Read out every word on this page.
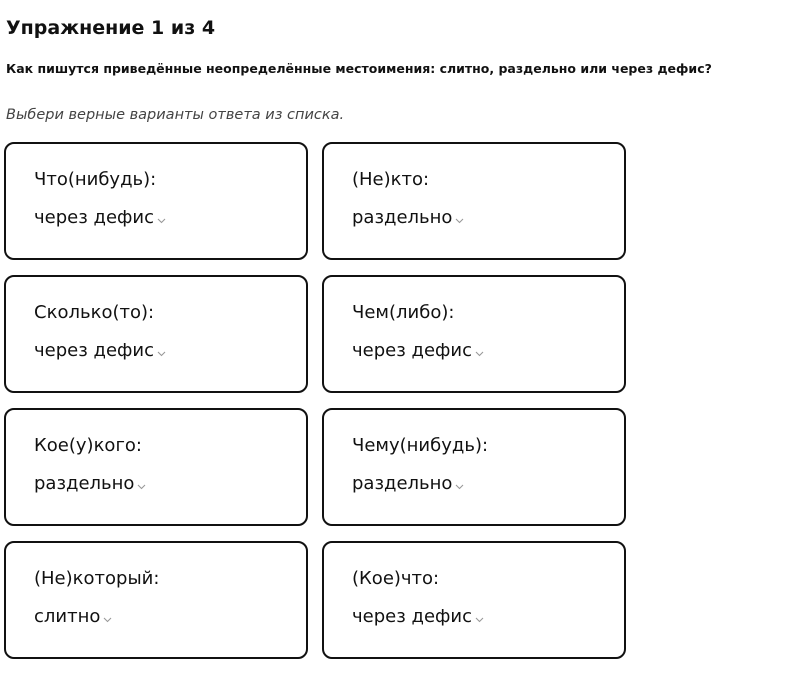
Упражнение 1 из 4

Как пишутся приведённые неопределённые местоимения: слитно, раздельно или через дефис?

Выбери верные варианты ответа из списка.

Что(нибудь):
через дефис
(Не)кто:
раздельно
Сколько(то):
через дефис
Чем(либо):
через дефис
Кое(у)кого:
раздельно
Чему(нибудь):
раздельно
(Не)который:
слитно
(Кое)что:
через дефис
